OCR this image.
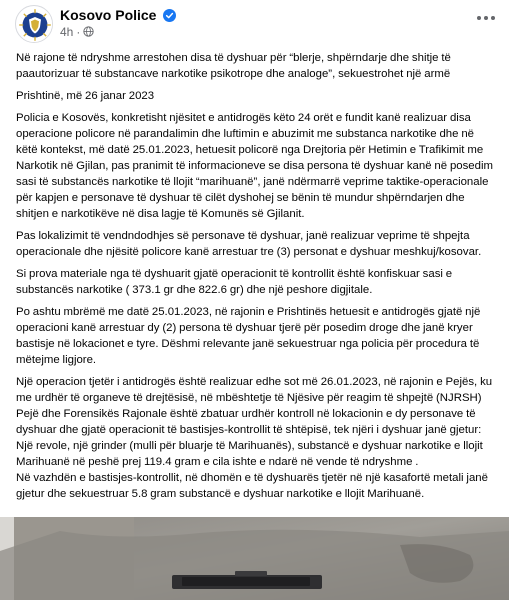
Kosovo Police
4h ·

Në rajone të ndryshme arrestohen disa të dyshuar për “blerje, shpërndarje dhe shitje të paautorizuar të substancave narkotike psikotrope dhe analoge”, sekuestrohet një armë

Prishtinë, më 26 janar 2023

Policia e Kosovës, konkretisht njësitet e antidrogës këto 24 orët e fundit kanë realizuar disa operacione policore në parandalimin dhe luftimin e abuzimit me substanca narkotike dhe në këtë kontekst, më datë 25.01.2023, hetuesit policorë nga Drejtoria për Hetimin e Trafikimit me Narkotik në Gjilan, pas pranimit të informacioneve se disa persona të dyshuar kanë në posedim sasi të substancës narkotike të llojit “marihuanë”, janë ndërmarrë veprime taktike-operacionale për kapjen e personave të dyshuar të cilët dyshohej se bënin të mundur shpërndarjen dhe shitjen e narkotikëve në disa lagje të Komunës së Gjilanit.

Pas lokalizimit të vendndodhjes së personave të dyshuar, janë realizuar veprime të shpejta operacionale dhe njësitë policore kanë arrestuar tre (3) personat e dyshuar meshkuj/kosovar.

Si prova materiale nga të dyshuarit gjatë operacionit të kontrollit është konfiskuar sasi e substancës narkotike ( 373.1 gr dhe 822.6 gr) dhe një peshore digjitale.

Po ashtu mbrëmë me datë 25.01.2023, në rajonin e Prishtinës hetuesit e antidrogës gjatë një operacioni kanë arrestuar dy (2) persona të dyshuar tjerë për posedim droge dhe janë kryer bastisje në lokacionet e tyre. Dëshmi relevante janë sekuestruar nga policia për procedura të mëtejme ligjore.

Një operacion tjetër i antidrogës është realizuar edhe sot më 26.01.2023, në rajonin e Pejës, ku me urdhër të organeve të drejtësisë, në mbështetje të Njësive për reagim të shpejtë (NJRSH) Pejë dhe Forensikës Rajonale është zbatuar urdhër kontroll në lokacionin e dy personave të dyshuar dhe gjatë operacionit të bastisjes-kontrollit të shtëpisë, tek njëri i dyshuar janë gjetur: Një revole, një grinder (mulli për bluarje të Marihuanës), substancë e dyshuar narkotike e llojit Marihuanë në peshë prej 119.4 gram e cila ishte e ndarë në vende të ndryshme .

Në vazhdën e bastisjes-kontrollit, në dhomën e të dyshuarës tjetër në një kasafortë metali janë gjetur dhe sekuestruar 5.8 gram substancë e dyshuar narkotike e llojit Marihuanë.
